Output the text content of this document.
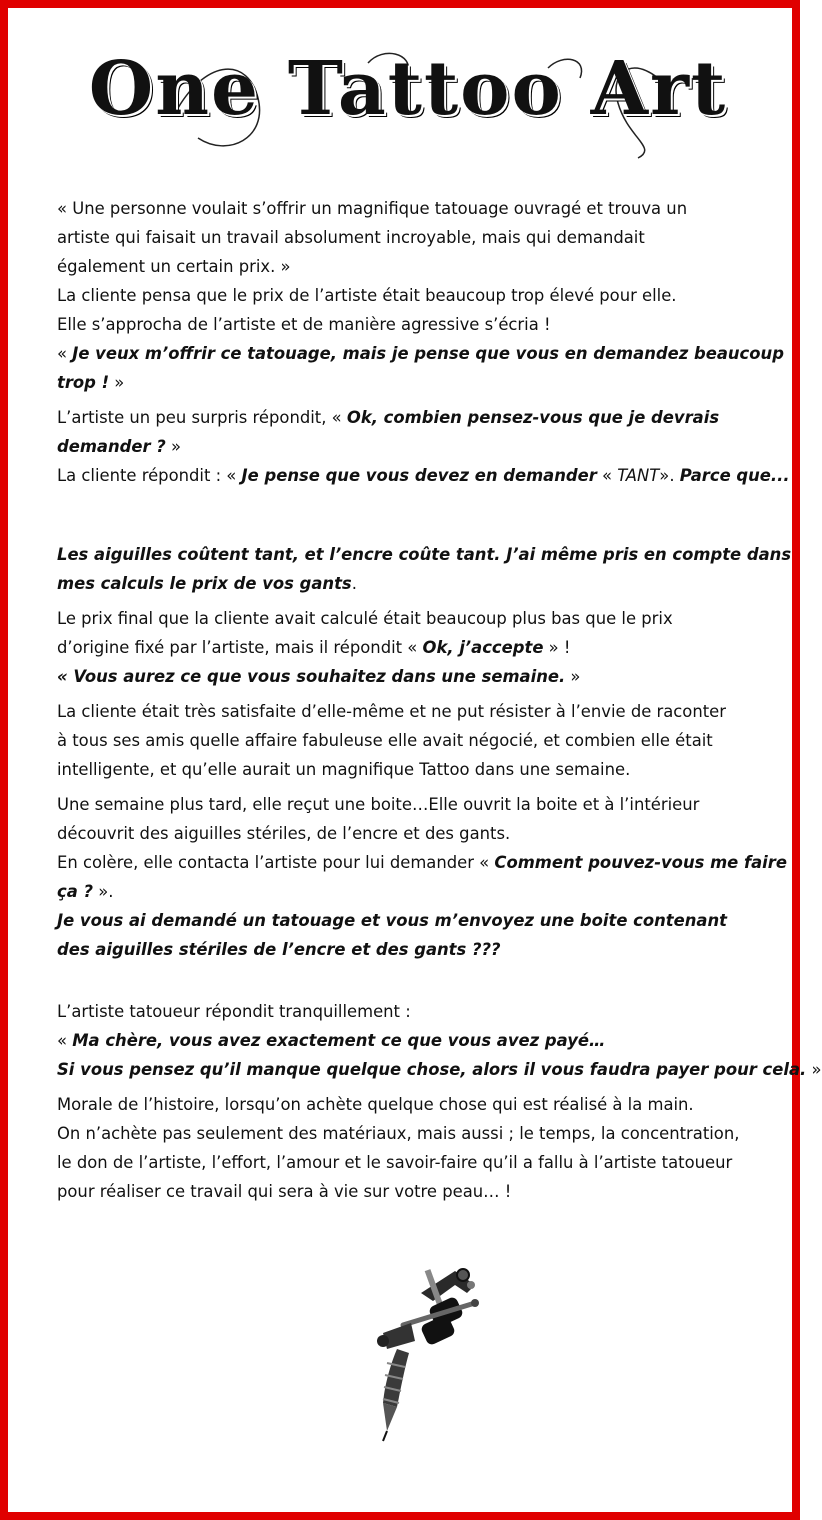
One Tattoo Art

« Une personne voulait s’offrir un magnifique tatouage ouvragé et trouva un

artiste qui faisait un travail absolument incroyable, mais qui demandait

également un certain prix. »

La cliente pensa que le prix de l’artiste était beaucoup trop élevé pour elle.

Elle s’approcha de l’artiste et de manière agressive s’écria !

« Je veux m’offrir ce tatouage, mais je pense que vous en demandez beaucoup

trop ! »

L’artiste un peu surpris répondit, « Ok, combien pensez-vous que je devrais

demander ? »

La cliente répondit : « Je pense que vous devez en demander « TANT». Parce que...

Les aiguilles coûtent tant, et l’encre coûte tant. J’ai même pris en compte dans

mes calculs le prix de vos gants.

Le prix final que la cliente avait calculé était beaucoup plus bas que le prix

d’origine fixé par l’artiste, mais il répondit « Ok, j’accepte » !

« Vous aurez ce que vous souhaitez dans une semaine. »

La cliente était très satisfaite d’elle-même et ne put résister à l’envie de raconter

à tous ses amis quelle affaire fabuleuse elle avait négocié, et combien elle était

intelligente, et qu’elle aurait un magnifique Tattoo dans une semaine.

Une semaine plus tard, elle reçut une boite…Elle ouvrit la boite et à l’intérieur

découvrit des aiguilles stériles, de l’encre et des gants.

En colère, elle contacta l’artiste pour lui demander « Comment pouvez-vous me faire

ça ? ».

Je vous ai demandé un tatouage et vous m’envoyez une boite contenant

des aiguilles stériles de l’encre et des gants ???

L’artiste tatoueur répondit tranquillement :

« Ma chère, vous avez exactement ce que vous avez payé…

Si vous pensez qu’il manque quelque chose, alors il vous faudra payer pour cela. »

Morale de l’histoire, lorsqu’on achète quelque chose qui est réalisé à la main.

On n’achète pas seulement des matériaux, mais aussi ; le temps, la concentration,

le don de l’artiste, l’effort, l’amour et le savoir-faire qu’il a fallu à l’artiste tatoueur

pour réaliser ce travail qui sera à vie sur votre peau… !
